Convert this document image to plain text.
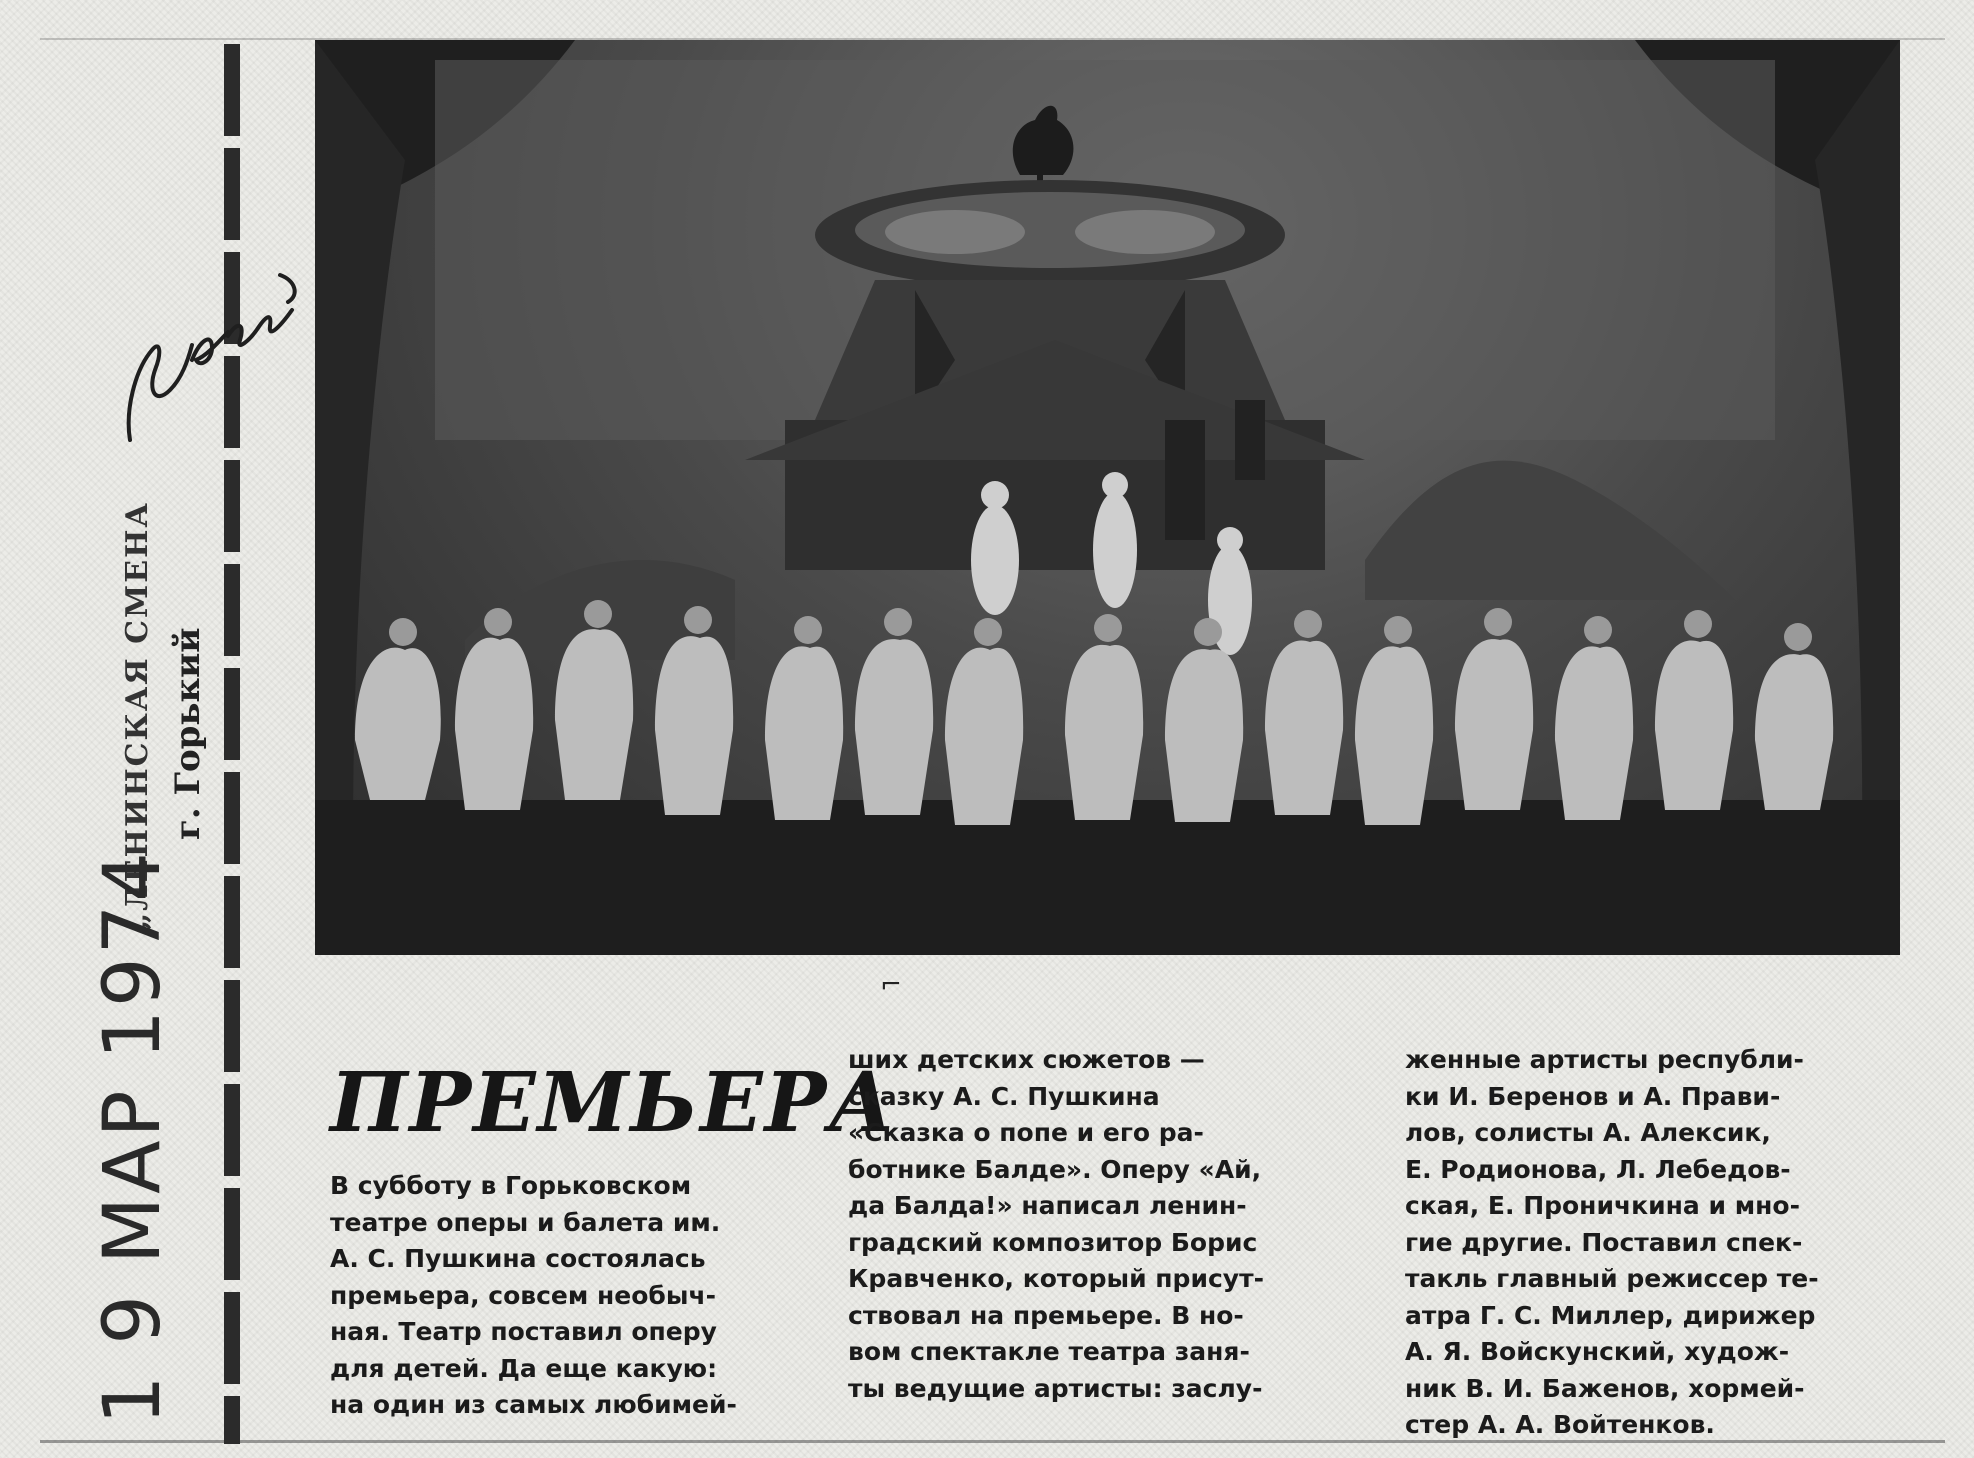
„ЛЕНИНСКАЯ СМЕНА г. Горький
1 9 МАР 1974	⌐
ПРЕМЬЕРА
В субботу в Горьковском
театре оперы и балета им.
А. С. Пушкина состоялась
премьера, совсем необыч-
ная. Театр поставил оперу
для детей. Да еще какую:
на один из самых любимей-
ших детских сюжетов —
сказку А. С. Пушкина
«Сказка о попе и его ра-
ботнике Балде». Оперу «Ай,
да Балда!» написал ленин-
градский композитор Борис
Кравченко, который присут-
ствовал на премьере. В но-
вом спектакле театра заня-
ты ведущие артисты: заслу-
женные артисты республи-
ки И. Беренов и А. Прави-
лов, солисты А. Алексик,
Е. Родионова, Л. Лебедов-
ская, Е. Проничкина и мно-
гие другие. Поставил спек-
такль главный режиссер те-
атра Г. С. Миллер, дирижер
А. Я. Войскунский, худож-
ник В. И. Баженов, хормей-
стер А. А. Войтенков.
